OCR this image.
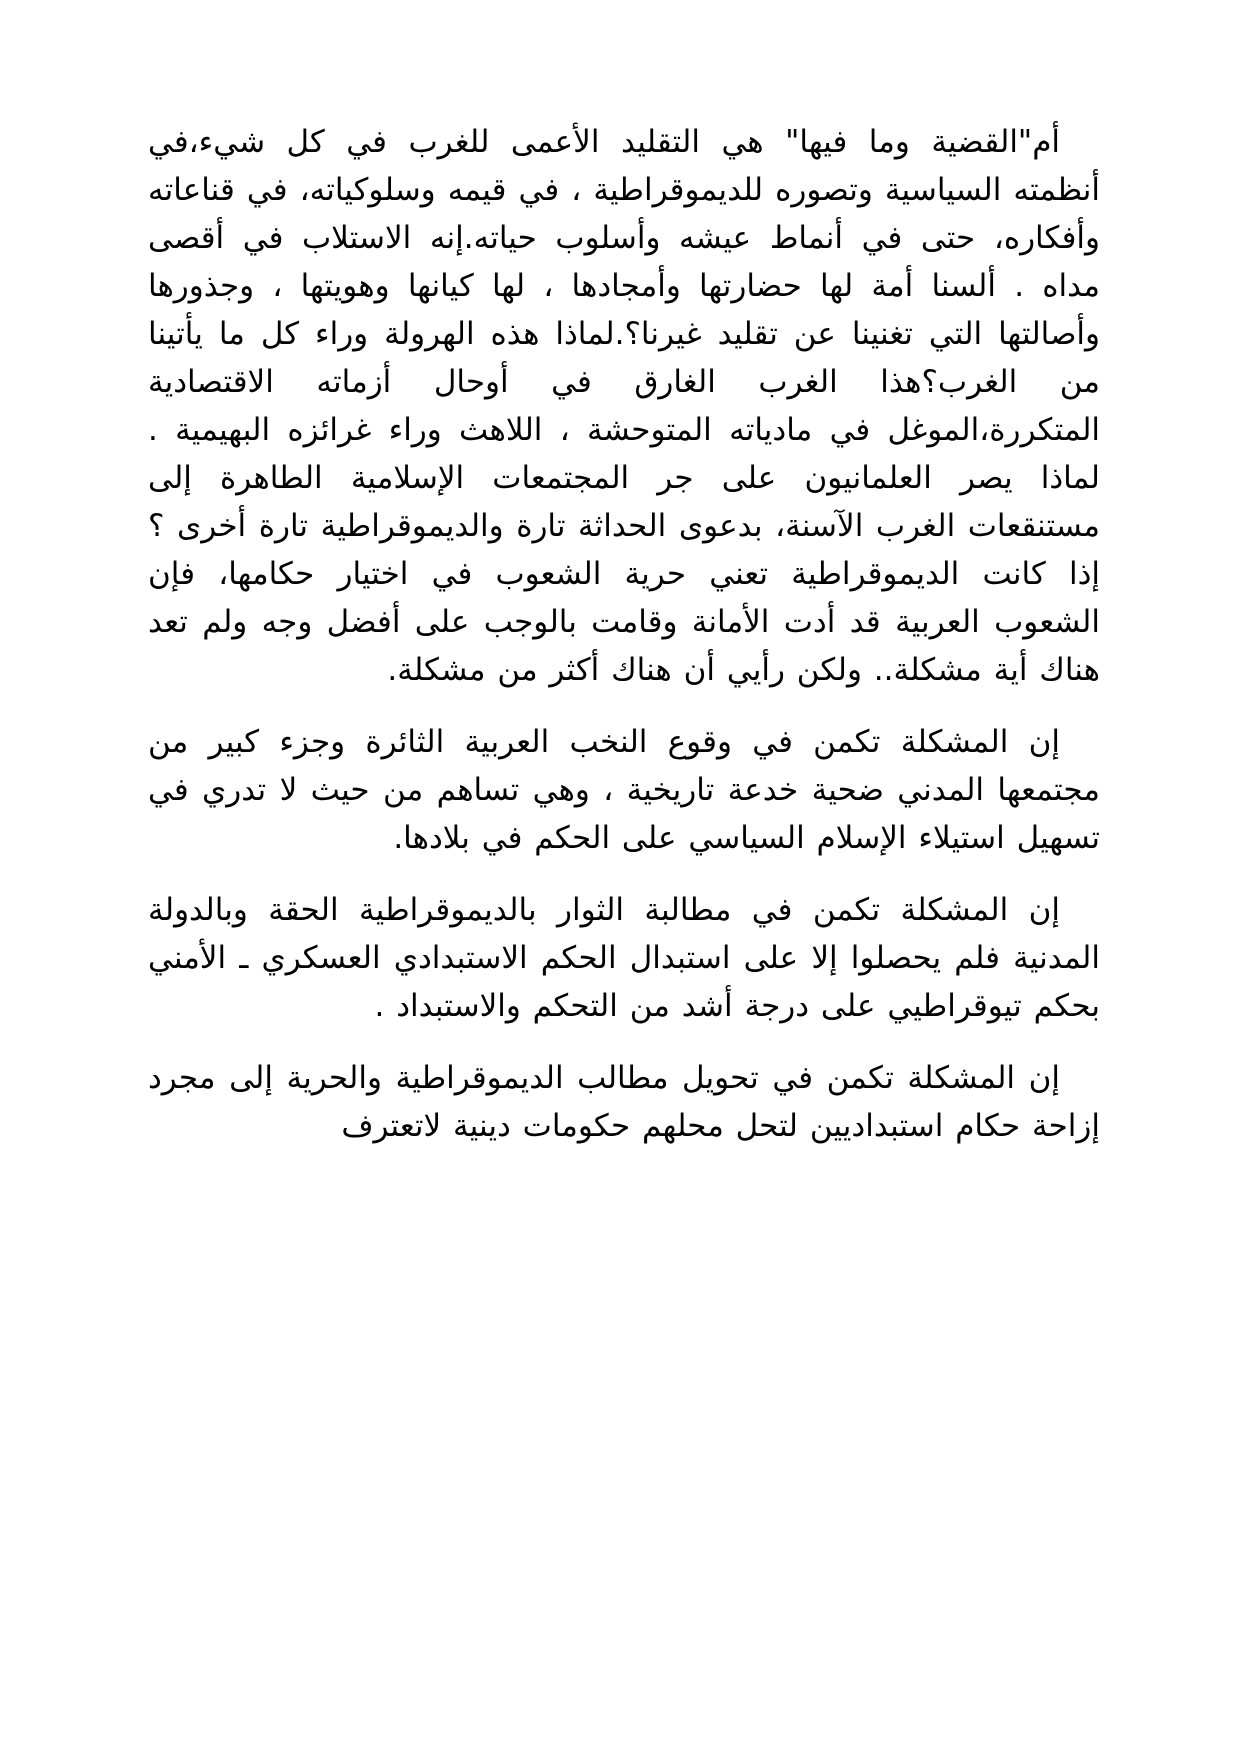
أم"القضية وما فيها" هي التقليد الأعمى للغرب في كل شيء،في أنظمته السياسية وتصوره للديموقراطية ، في قيمه وسلوكياته، في قناعاته وأفكاره، حتى في أنماط عيشه وأسلوب حياته.إنه الاستلاب في أقصى مداه . ألسنا أمة لها حضارتها وأمجادها ، لها كيانها وهويتها ، وجذورها وأصالتها التي تغنينا عن تقليد غيرنا؟.لماذا هذه الهرولة وراء كل ما يأتينا من الغرب؟هذا الغرب الغارق في أوحال أزماته الاقتصادية المتكررة،الموغل في مادياته المتوحشة ، اللاهث وراء غرائزه البهيمية . لماذا يصر العلمانيون على جر المجتمعات الإسلامية الطاهرة إلى مستنقعات الغرب الآسنة، بدعوى الحداثة تارة والديموقراطية تارة أخرى ؟ إذا كانت الديموقراطية تعني حرية الشعوب في اختيار حكامها، فإن الشعوب العربية قد أدت الأمانة وقامت بالوجب على أفضل وجه ولم تعد هناك أية مشكلة.. ولكن رأيي أن هناك أكثر من مشكلة.

إن المشكلة تكمن في وقوع النخب العربية الثائرة وجزء كبير من مجتمعها المدني ضحية خدعة تاريخية ، وهي تساهم من حيث لا تدري في تسهيل استيلاء الإسلام السياسي على الحكم في بلادها.

إن المشكلة تكمن في مطالبة الثوار بالديموقراطية الحقة وبالدولة المدنية فلم يحصلوا إلا على استبدال الحكم الاستبدادي العسكري ـ الأمني بحكم تيوقراطيي على درجة أشد من التحكم والاستبداد .

إن المشكلة تكمن في تحويل مطالب الديموقراطية والحرية إلى مجرد إزاحة حكام استبداديين لتحل محلهم حكومات دينية لاتعترف
